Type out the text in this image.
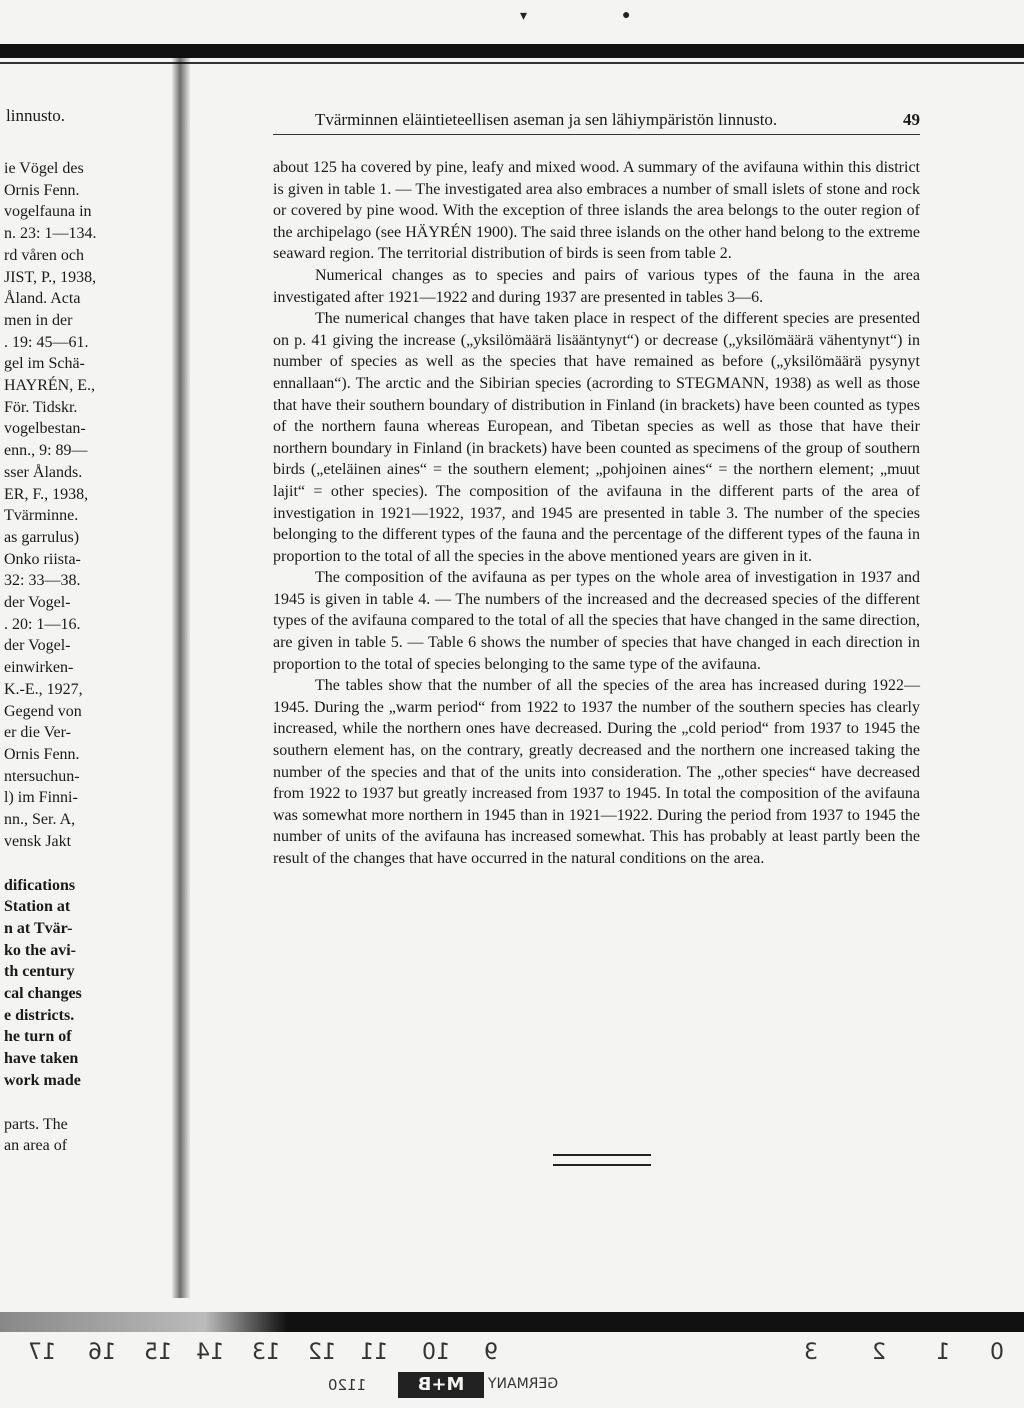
▾	●
linnusto.
ie Vögel des
Ornis Fenn.
vogelfauna in
n. 23: 1—134.
rd våren och
JIST, P., 1938,
Åland. Acta
men in der
. 19: 45—61.
gel im Schä-
HAYRÉN, E.,
För. Tidskr.
vogelbestan-
enn., 9: 89—
sser Ålands.
ER, F., 1938,
Tvärminne.
as garrulus)
Onko riista-
32: 33—38.
der Vogel-
. 20: 1—16.
der Vogel-
einwirken-
K.-E., 1927,
Gegend von
er die Ver-
Ornis Fenn.
ntersuchun-
l) im Finni-
nn., Ser. A,
vensk Jakt
difications
Station at
n at Tvär-
ko the avi-
th century
cal changes
e districts.
he turn of
have taken
work made
parts. The
an area of
Tvärminnen eläintieteellisen aseman ja sen lähiympäristön linnusto.	49

about 125 ha covered by pine, leafy and mixed wood. A summary of the avifauna within this district is given in table 1. — The investigated area also embraces a number of small islets of stone and rock or covered by pine wood. With the exception of three islands the area belongs to the outer region of the archipelago (see HÄYRÉN 1900). The said three islands on the other hand belong to the extreme seaward region. The territorial distribution of birds is seen from table 2.

Numerical changes as to species and pairs of various types of the fauna in the area investigated after 1921—1922 and during 1937 are presented in tables 3—6.

The numerical changes that have taken place in respect of the different species are presented on p. 41 giving the increase („yksilömäärä lisääntynyt“) or decrease („yksilömäärä vähentynyt“) in number of species as well as the species that have remained as before („yksilömäärä pysynyt ennallaan“). The arctic and the Sibirian species (acrording to STEGMANN, 1938) as well as those that have their southern boundary of distribution in Finland (in brackets) have been counted as types of the northern fauna whereas European, and Tibetan species as well as those that have their northern boundary in Finland (in brackets) have been counted as specimens of the group of southern birds („eteläinen aines“ = the southern element; „pohjoinen aines“ = the northern element; „muut lajit“ = other species). The composition of the avifauna in the different parts of the area of investigation in 1921—1922, 1937, and 1945 are presented in table 3. The number of the species belonging to the different types of the fauna and the percentage of the different types of the fauna in proportion to the total of all the species in the above mentioned years are given in it.

The composition of the avifauna as per types on the whole area of investigation in 1937 and 1945 is given in table 4. — The numbers of the increased and the decreased species of the different types of the avifauna compared to the total of all the species that have changed in the same direction, are given in table 5. — Table 6 shows the number of species that have changed in each direction in proportion to the total of species belonging to the same type of the avifauna.

The tables show that the number of all the species of the area has increased during 1922—1945. During the „warm period“ from 1922 to 1937 the number of the southern species has clearly increased, while the northern ones have decreased. During the „cold period“ from 1937 to 1945 the southern element has, on the contrary, greatly decreased and the northern one increased taking the number of the species and that of the units into consideration. The „other species“ have decreased from 1922 to 1937 but greatly increased from 1937 to 1945. In total the composition of the avifauna was somewhat more northern in 1945 than in 1921—1922. During the period from 1937 to 1945 the number of units of the avifauna has increased somewhat. This has probably at least partly been the result of the changes that have occurred in the natural conditions on the area.

17 16 15 14 13 12 11 10 9	3 2 1 0
1120	M+B	GERMANY
